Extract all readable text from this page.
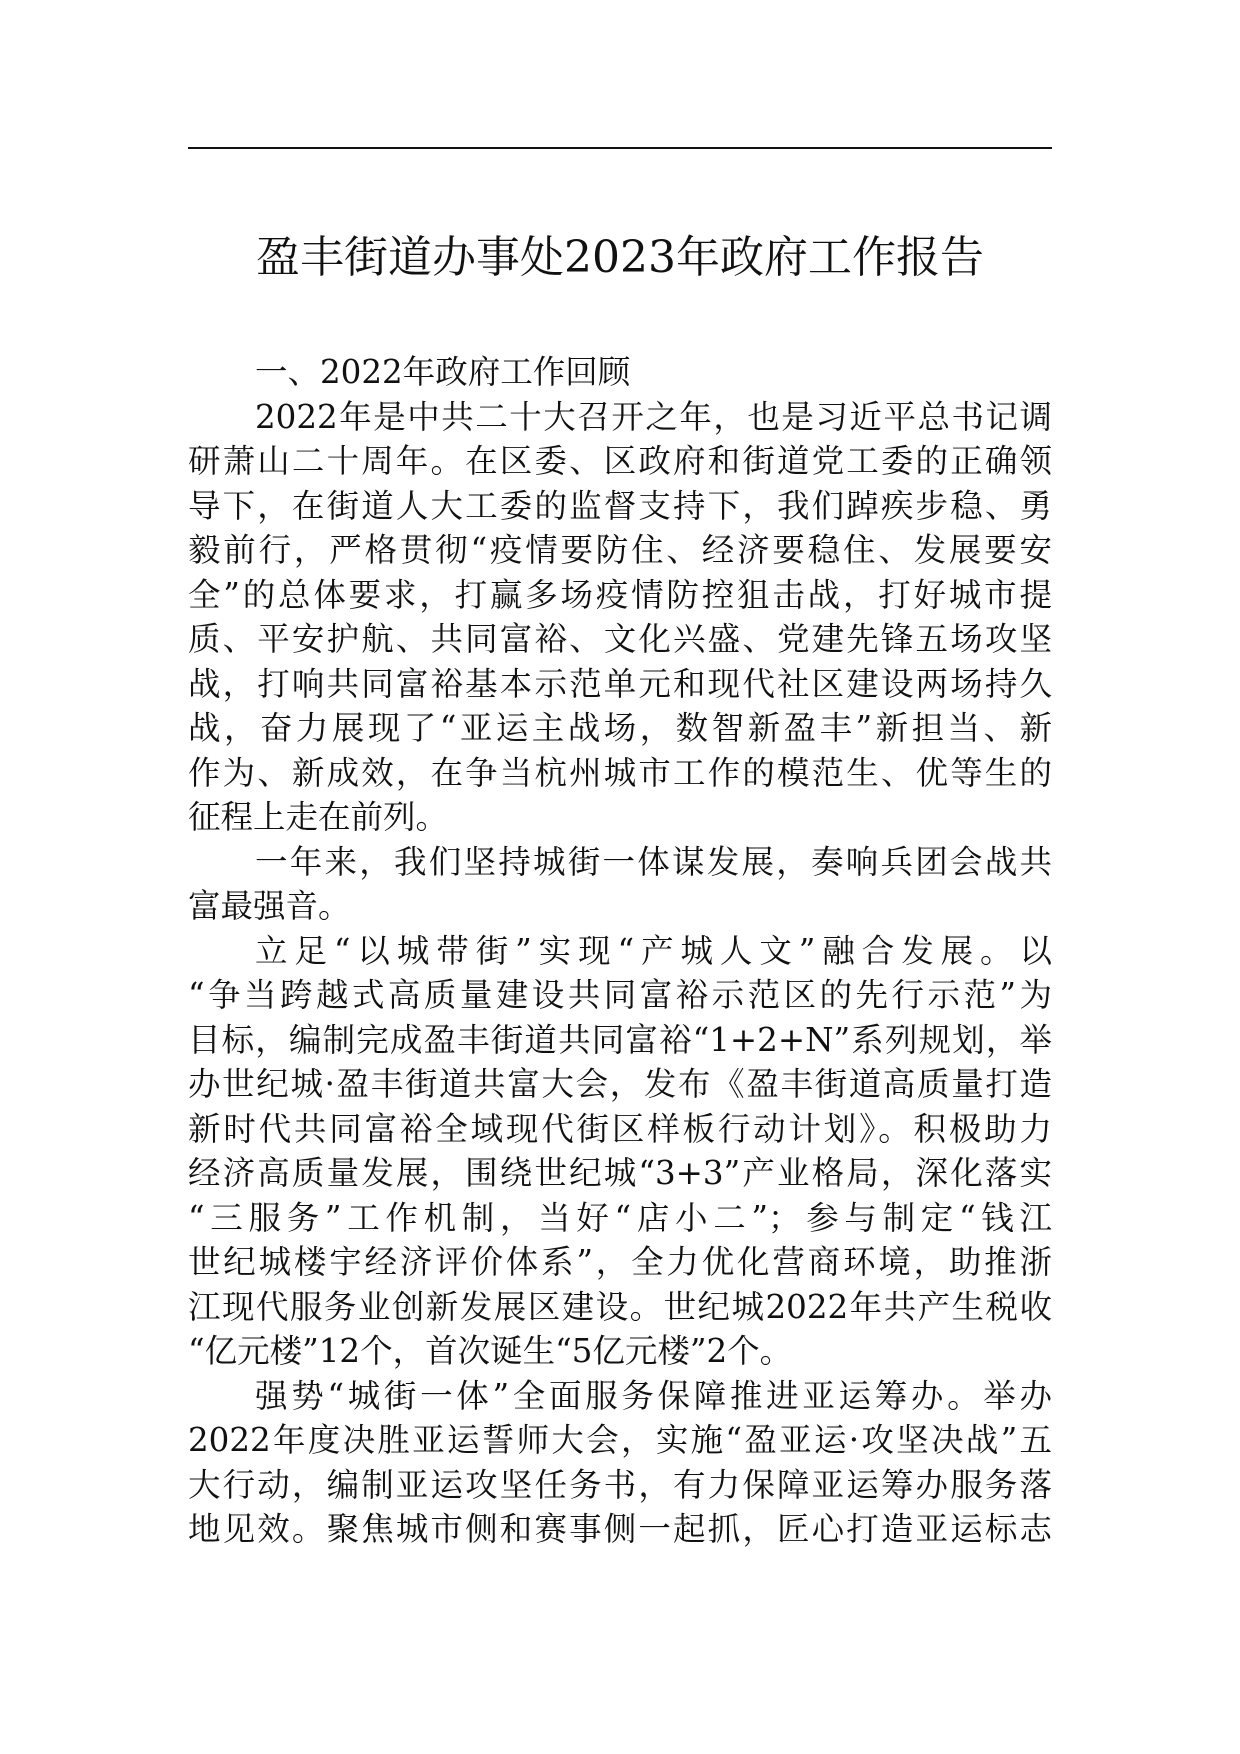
盈丰街道办事处2023年政府工作报告
一、2022年政府工作回顾
2022年是中共二十大召开之年，也是习近平总书记调
研萧山二十周年。在区委、区政府和街道党工委的正确领
导下，在街道人大工委的监督支持下，我们踔疾步稳、勇
毅前行，严格贯彻“疫情要防住、经济要稳住、发展要安
全”的总体要求，打赢多场疫情防控狙击战，打好城市提
质、平安护航、共同富裕、文化兴盛、党建先锋五场攻坚
战，打响共同富裕基本示范单元和现代社区建设两场持久
战，奋力展现了“亚运主战场，数智新盈丰”新担当、新
作为、新成效，在争当杭州城市工作的模范生、优等生的
征程上走在前列。
一年来，我们坚持城街一体谋发展，奏响兵团会战共
富最强音。
立足“以城带街”实现“产城人文”融合发展。以
“争当跨越式高质量建设共同富裕示范区的先行示范”为
目标，编制完成盈丰街道共同富裕“1+2+N”系列规划，举
办世纪城·盈丰街道共富大会，发布《盈丰街道高质量打造
新时代共同富裕全域现代街区样板行动计划》。积极助力
经济高质量发展，围绕世纪城“3+3”产业格局，深化落实
“三服务”工作机制，当好“店小二”；参与制定“钱江
世纪城楼宇经济评价体系”，全力优化营商环境，助推浙
江现代服务业创新发展区建设。世纪城2022年共产生税收
“亿元楼”12个，首次诞生“5亿元楼”2个。
强势“城街一体”全面服务保障推进亚运筹办。举办
2022年度决胜亚运誓师大会，实施“盈亚运·攻坚决战”五
大行动，编制亚运攻坚任务书，有力保障亚运筹办服务落
地见效。聚焦城市侧和赛事侧一起抓，匠心打造亚运标志
